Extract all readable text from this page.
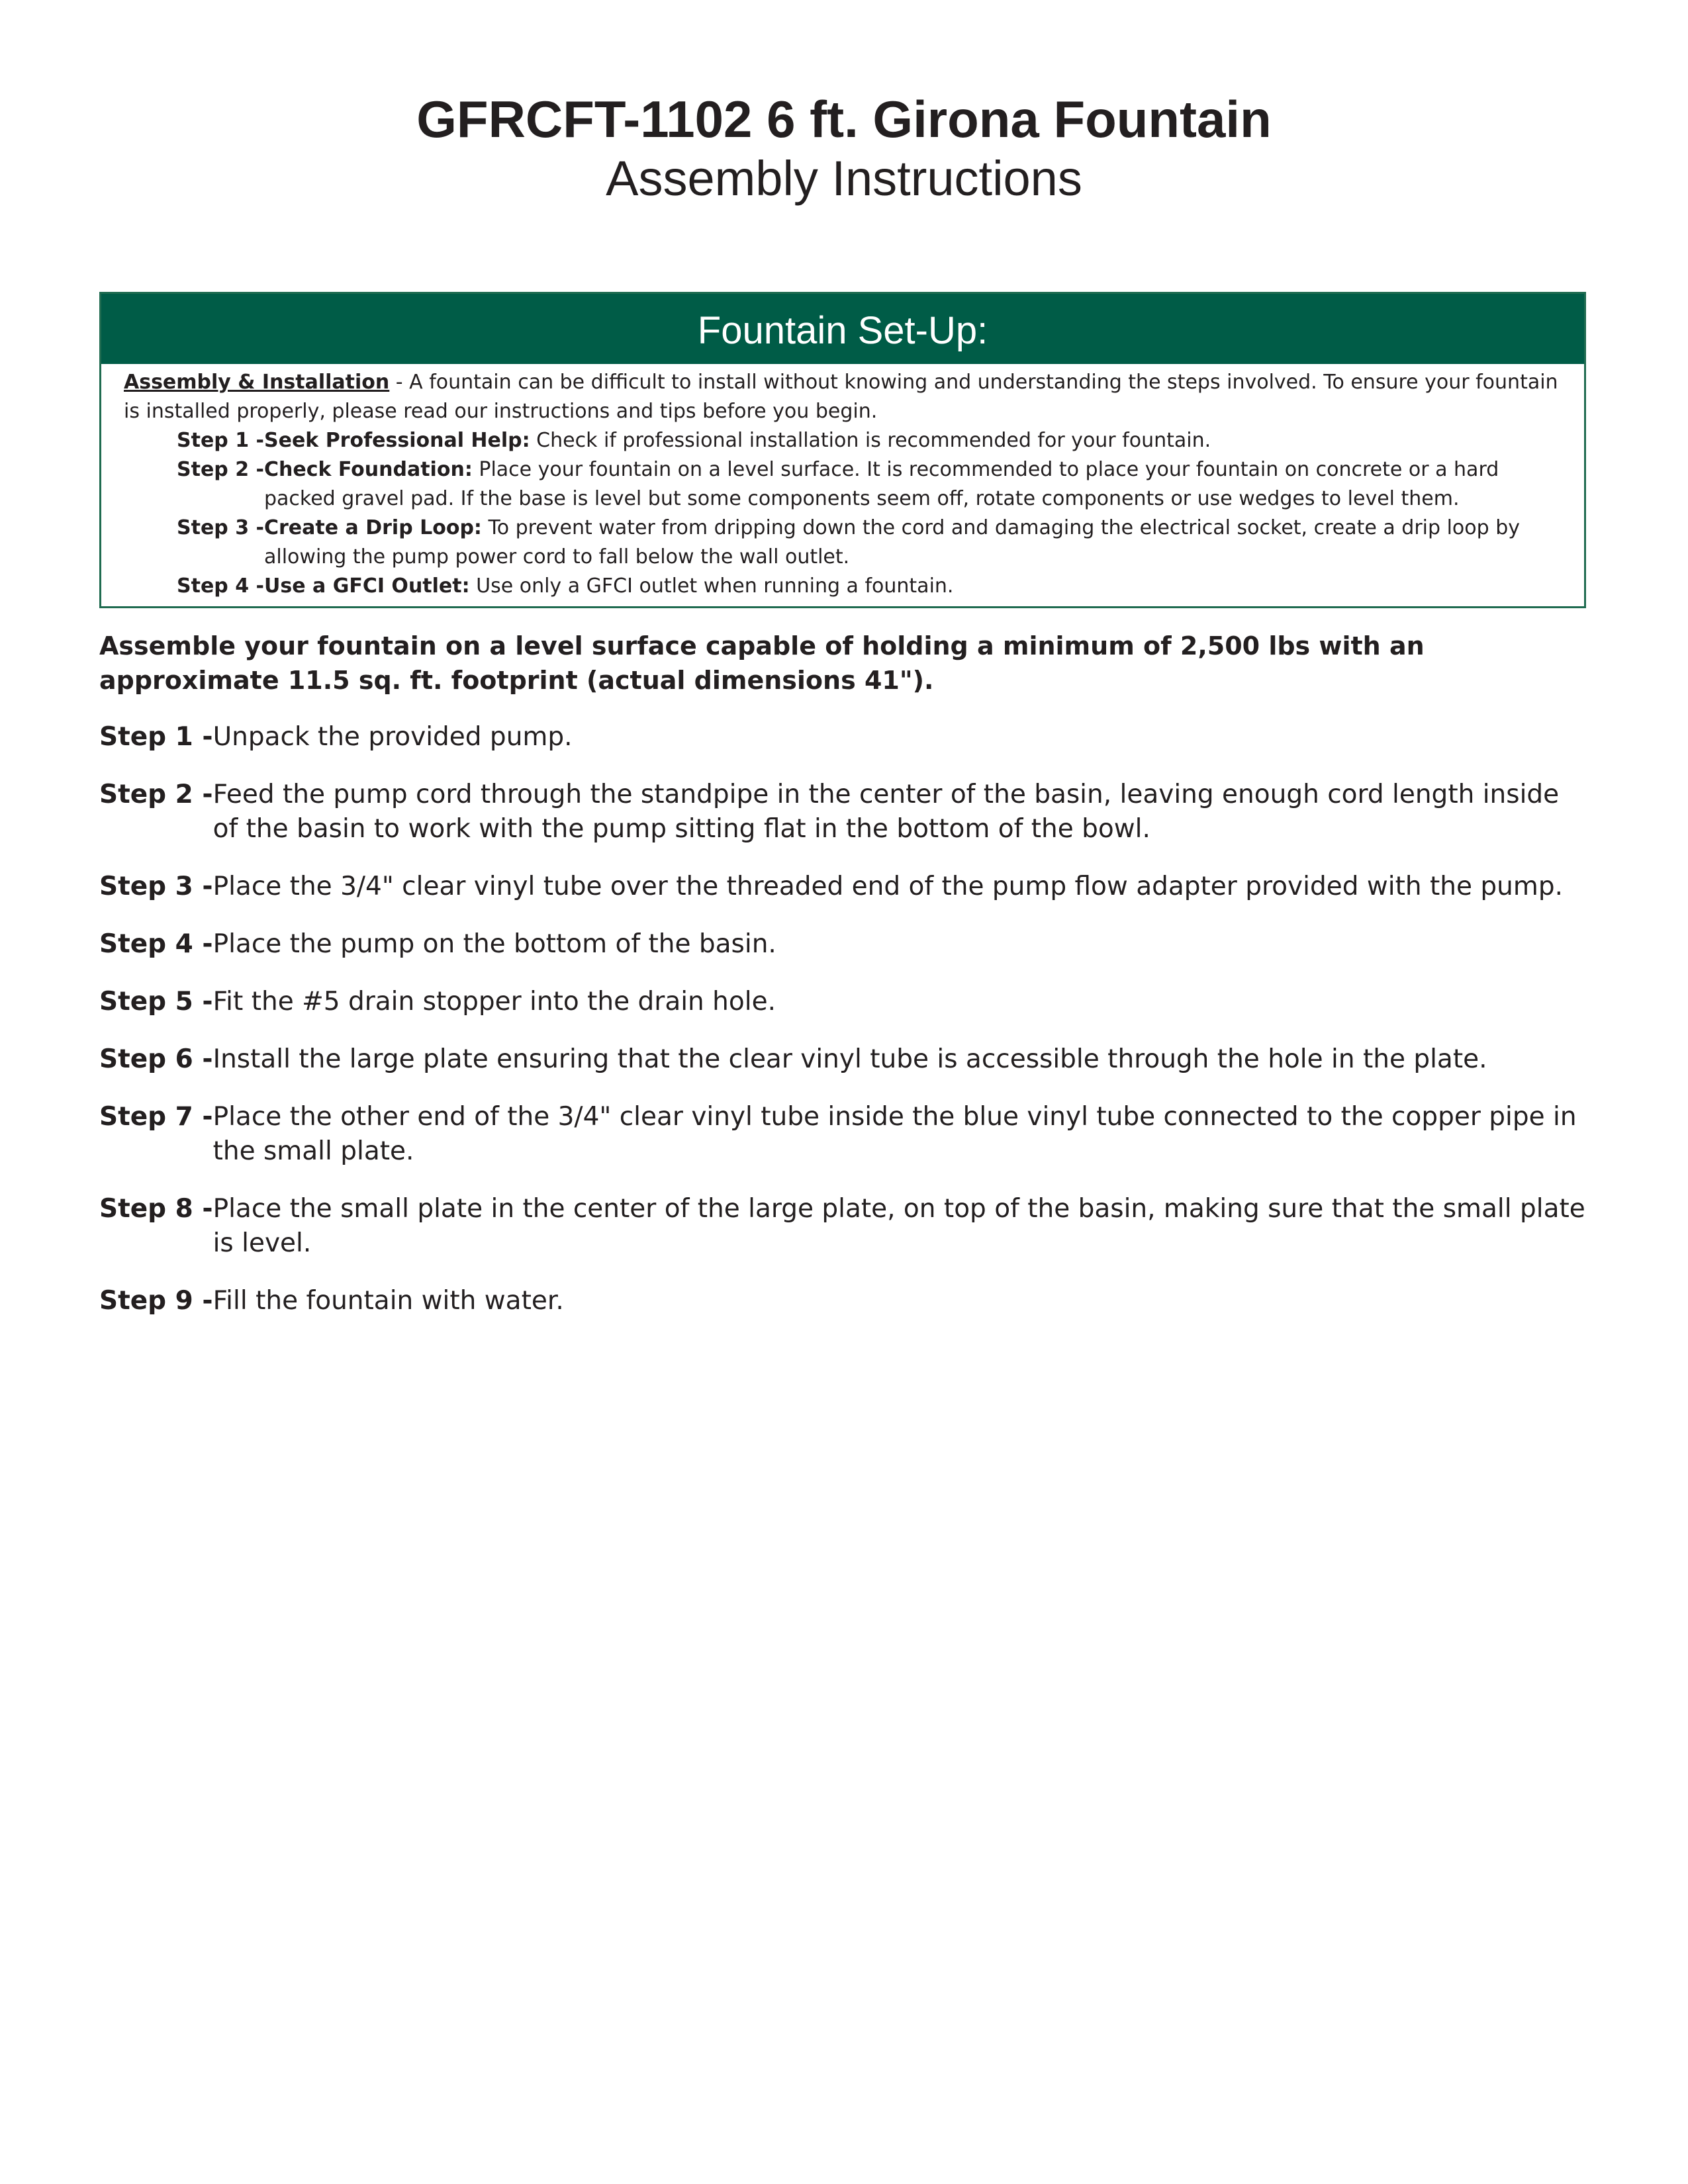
GFRCFT-1102 6 ft. Girona Fountain
Assembly Instructions
Fountain Set-Up:

Assembly & Installation - A fountain can be difficult to install without knowing and understanding the steps involved. To ensure your fountain is installed properly, please read our instructions and tips before you begin.

Step 1 - Seek Professional Help: Check if professional installation is recommended for your fountain.
Step 2 - Check Foundation: Place your fountain on a level surface. It is recommended to place your fountain on concrete or a hard packed gravel pad. If the base is level but some components seem off, rotate components or use wedges to level them.
Step 3 - Create a Drip Loop: To prevent water from dripping down the cord and damaging the electrical socket, create a drip loop by allowing the pump power cord to fall below the wall outlet.
Step 4 - Use a GFCI Outlet: Use only a GFCI outlet when running a fountain.

Assemble your fountain on a level surface capable of holding a minimum of 2,500 lbs with an approximate 11.5 sq. ft. footprint (actual dimensions 41").

Step 1 - Unpack the provided pump.
Step 2 - Feed the pump cord through the standpipe in the center of the basin, leaving enough cord length inside of the basin to work with the pump sitting flat in the bottom of the bowl.
Step 3 - Place the 3/4" clear vinyl tube over the threaded end of the pump flow adapter provided with the pump.
Step 4 - Place the pump on the bottom of the basin.
Step 5 - Fit the #5 drain stopper into the drain hole.
Step 6 - Install the large plate ensuring that the clear vinyl tube is accessible through the hole in the plate.
Step 7 - Place the other end of the 3/4" clear vinyl tube inside the blue vinyl tube connected to the copper pipe in the small plate.
Step 8 - Place the small plate in the center of the large plate, on top of the basin, making sure that the small plate is level.
Step 9 - Fill the fountain with water.
